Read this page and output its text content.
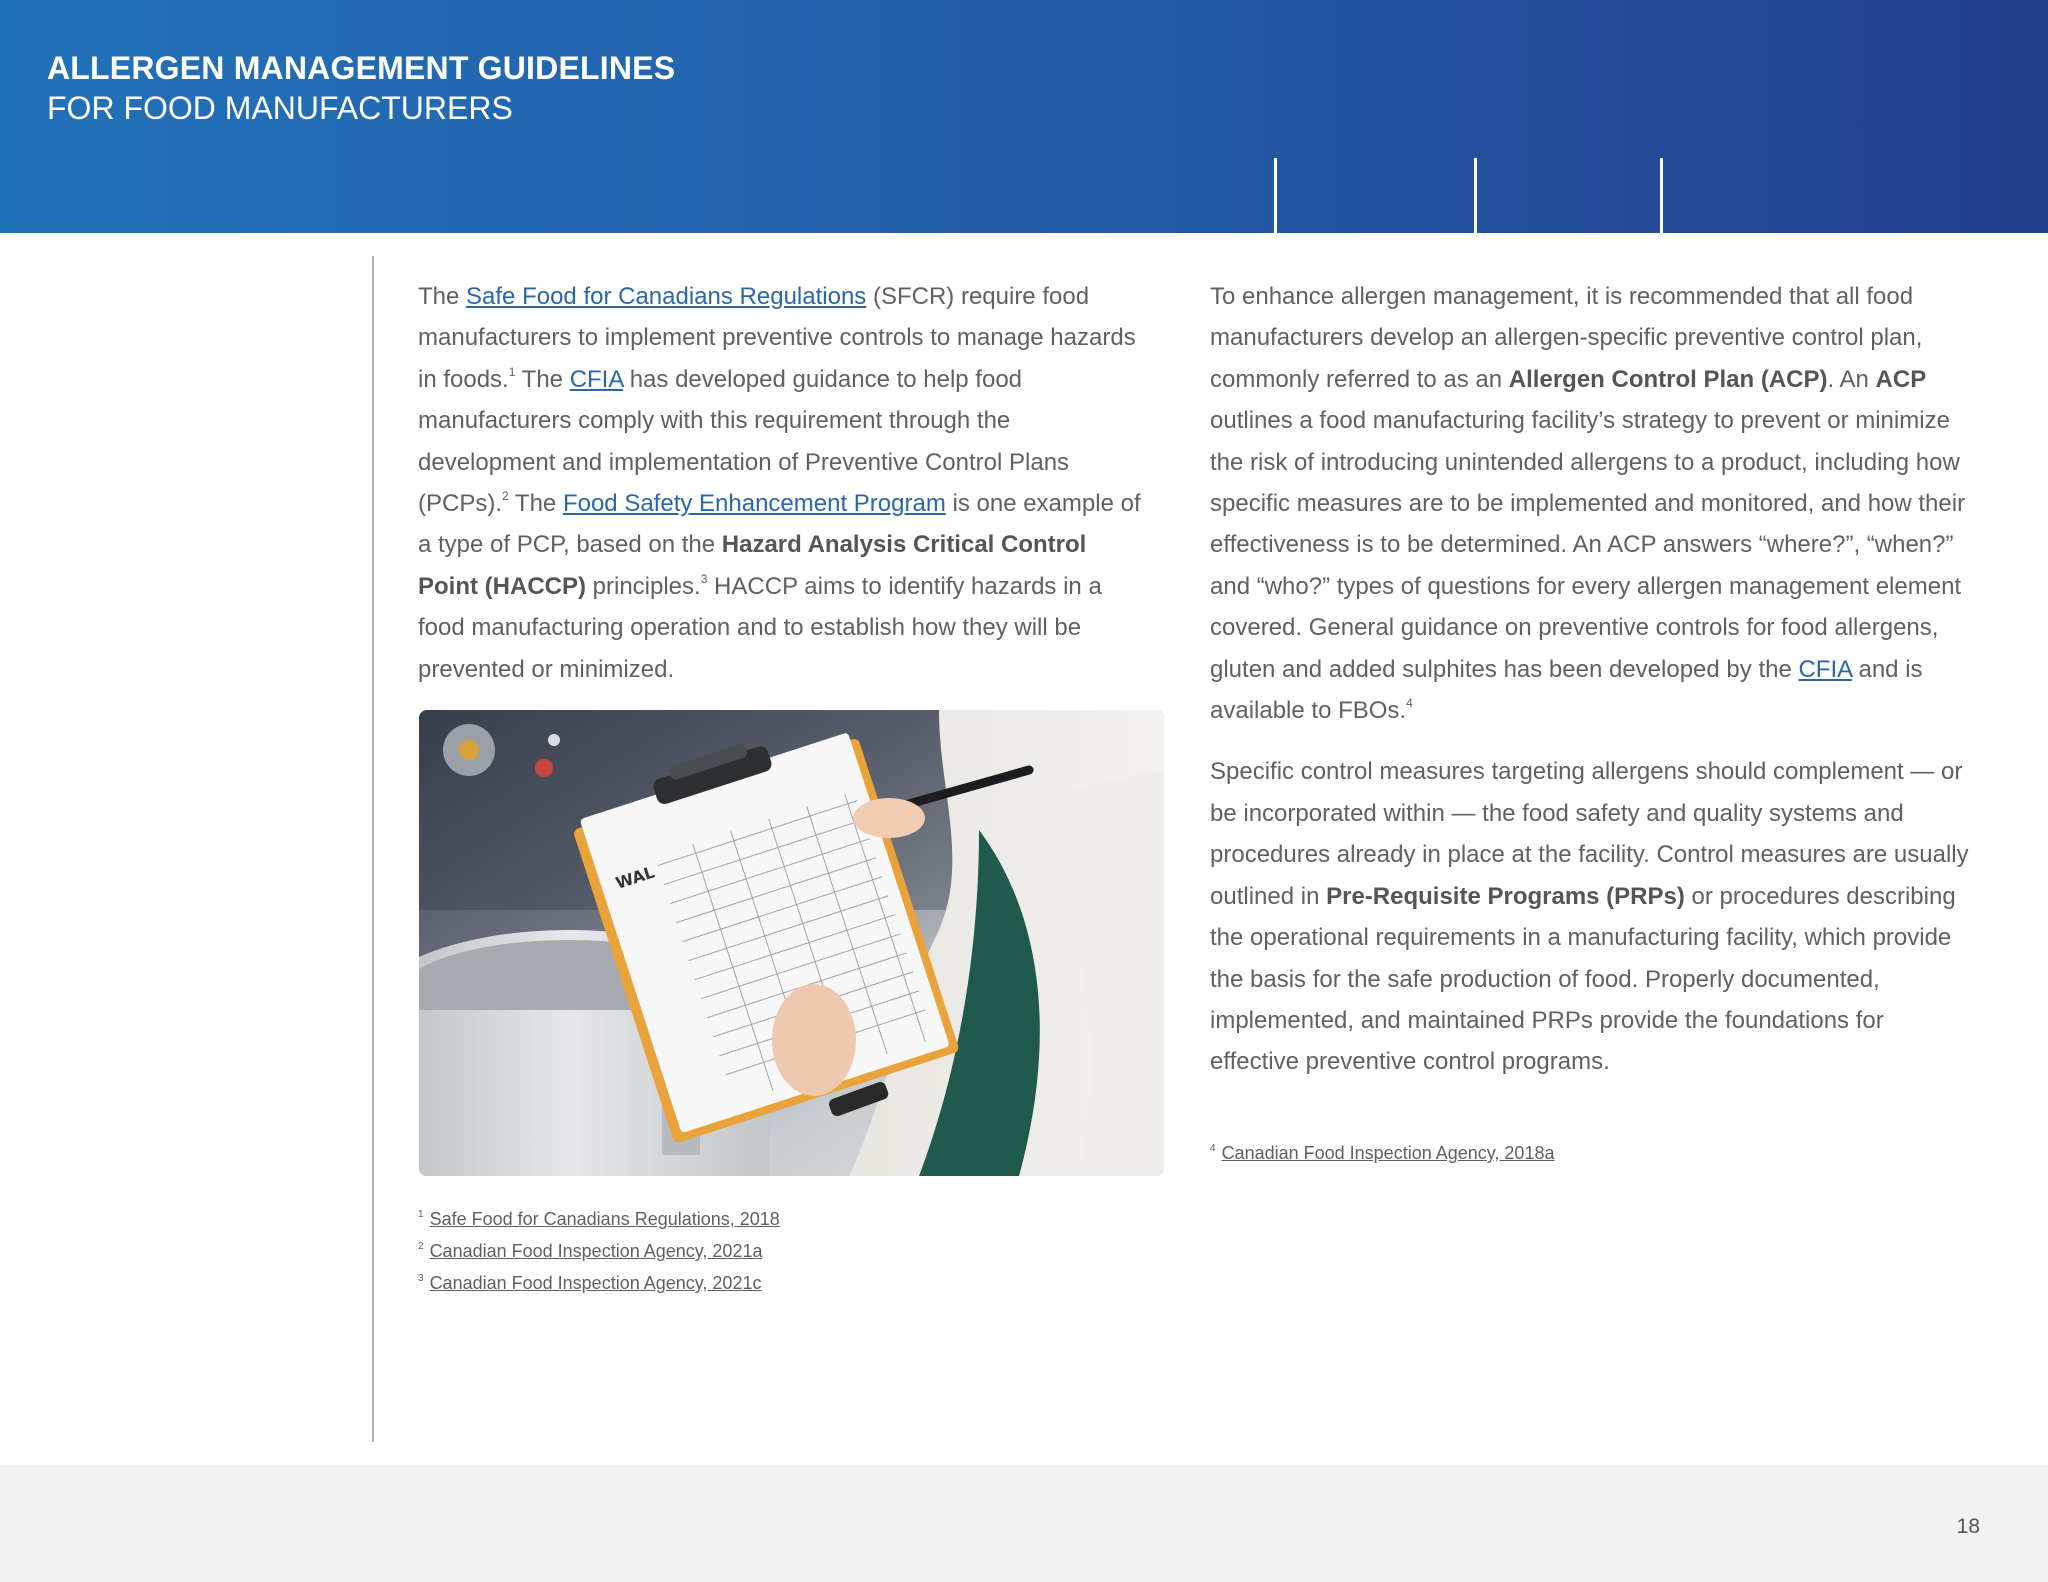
ALLERGEN MANAGEMENT GUIDELINES
FOR FOOD MANUFACTURERS

The Safe Food for Canadians Regulations (SFCR) require food manufacturers to implement preventive controls to manage hazards in foods.$^1$ The CFIA has developed guidance to help food manufacturers comply with this requirement through the development and implementation of Preventive Control Plans (PCPs).$^2$ The Food Safety Enhancement Program is one example of a type of PCP, based on the Hazard Analysis Critical Control Point (HACCP) principles.$^3$ HACCP aims to identify hazards in a food manufacturing operation and to establish how they will be prevented or minimized.

WAL
$^1$ Safe Food for Canadians Regulations, 2018
$^2$ Canadian Food Inspection Agency, 2021a
$^3$ Canadian Food Inspection Agency, 2021c

To enhance allergen management, it is recommended that all food manufacturers develop an allergen-specific preventive control plan, commonly referred to as an Allergen Control Plan (ACP). An ACP outlines a food manufacturing facility’s strategy to prevent or minimize the risk of introducing unintended allergens to a product, including how specific measures are to be implemented and monitored, and how their effectiveness is to be determined. An ACP answers “where?”, “when?” and “who?” types of questions for every allergen management element covered. General guidance on preventive controls for food allergens, gluten and added sulphites has been developed by the CFIA and is available to FBOs.$^4$

Specific control measures targeting allergens should complement — or be incorporated within — the food safety and quality systems and procedures already in place at the facility. Control measures are usually outlined in Pre-Requisite Programs (PRPs) or procedures describing the operational requirements in a manufacturing facility, which provide the basis for the safe production of food. Properly documented, implemented, and maintained PRPs provide the foundations for effective preventive control programs.

$^4$ Canadian Food Inspection Agency, 2018a
18
